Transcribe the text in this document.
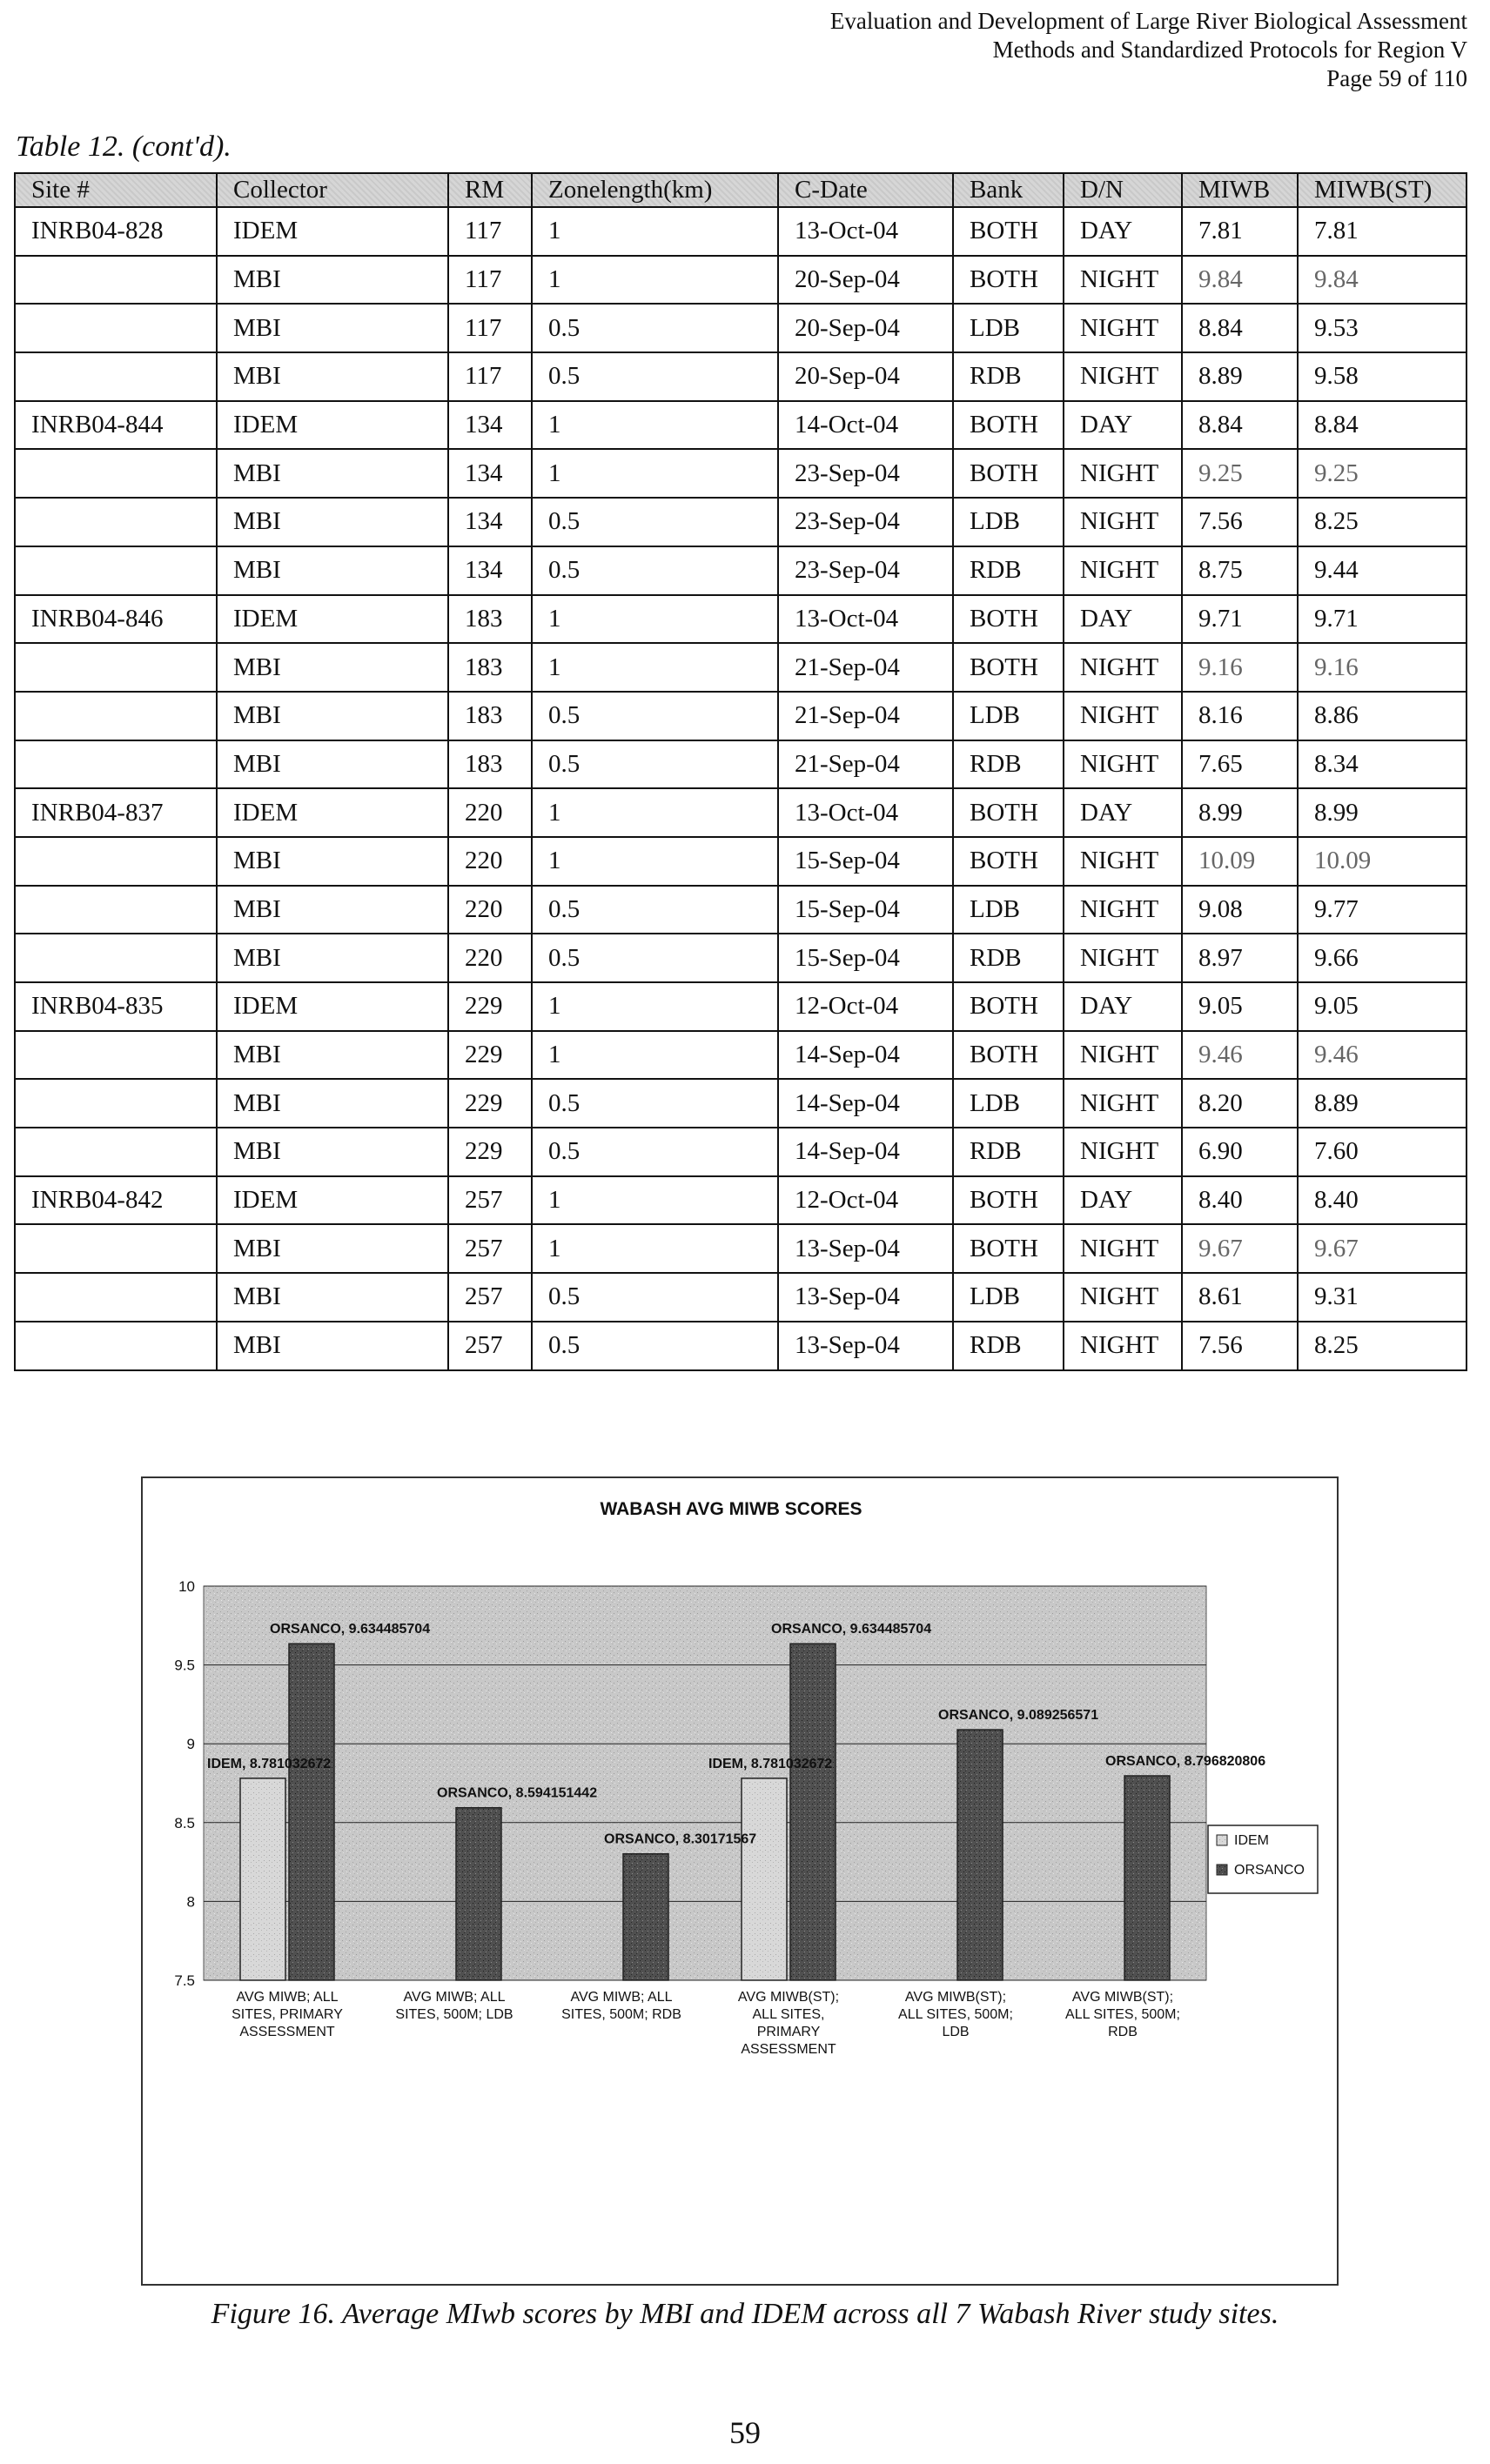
Evaluation and Development of Large River Biological Assessment
Methods and Standardized Protocols for Region V
Page 59 of 110
Table 12. (cont'd).
Site #	Collector	RM	Zonelength(km)	C-Date	Bank	D/N	MIWB	MIWB(ST)
INRB04-828	IDEM	117	1	13-Oct-04	BOTH	DAY	7.81	7.81
	MBI	117	1	20-Sep-04	BOTH	NIGHT	9.84	9.84
	MBI	117	0.5	20-Sep-04	LDB	NIGHT	8.84	9.53
	MBI	117	0.5	20-Sep-04	RDB	NIGHT	8.89	9.58
INRB04-844	IDEM	134	1	14-Oct-04	BOTH	DAY	8.84	8.84
	MBI	134	1	23-Sep-04	BOTH	NIGHT	9.25	9.25
	MBI	134	0.5	23-Sep-04	LDB	NIGHT	7.56	8.25
	MBI	134	0.5	23-Sep-04	RDB	NIGHT	8.75	9.44
INRB04-846	IDEM	183	1	13-Oct-04	BOTH	DAY	9.71	9.71
	MBI	183	1	21-Sep-04	BOTH	NIGHT	9.16	9.16
	MBI	183	0.5	21-Sep-04	LDB	NIGHT	8.16	8.86
	MBI	183	0.5	21-Sep-04	RDB	NIGHT	7.65	8.34
INRB04-837	IDEM	220	1	13-Oct-04	BOTH	DAY	8.99	8.99
	MBI	220	1	15-Sep-04	BOTH	NIGHT	10.09	10.09
	MBI	220	0.5	15-Sep-04	LDB	NIGHT	9.08	9.77
	MBI	220	0.5	15-Sep-04	RDB	NIGHT	8.97	9.66
INRB04-835	IDEM	229	1	12-Oct-04	BOTH	DAY	9.05	9.05
	MBI	229	1	14-Sep-04	BOTH	NIGHT	9.46	9.46
	MBI	229	0.5	14-Sep-04	LDB	NIGHT	8.20	8.89
	MBI	229	0.5	14-Sep-04	RDB	NIGHT	6.90	7.60
INRB04-842	IDEM	257	1	12-Oct-04	BOTH	DAY	8.40	8.40
	MBI	257	1	13-Sep-04	BOTH	NIGHT	9.67	9.67
	MBI	257	0.5	13-Sep-04	LDB	NIGHT	8.61	9.31
	MBI	257	0.5	13-Sep-04	RDB	NIGHT	7.56	8.25
WABASH AVG MIWB SCORES
7.5
8
8.5
9
9.5
10
IDEM, 8.781032672
ORSANCO, 9.634485704
ORSANCO, 8.594151442
ORSANCO, 8.30171567
IDEM, 8.781032672
ORSANCO, 9.634485704
ORSANCO, 9.089256571
ORSANCO, 8.796820806
AVG MIWB; ALL SITES, PRIMARY ASSESSMENT
AVG MIWB; ALL SITES, 500M; LDB
AVG MIWB; ALL SITES, 500M; RDB
AVG MIWB(ST); ALL SITES, PRIMARY ASSESSMENT
AVG MIWB(ST); ALL SITES, 500M; LDB
AVG MIWB(ST); ALL SITES, 500M; RDB
IDEM
ORSANCO
Figure 16. Average MIwb scores by MBI and IDEM across all 7 Wabash River study sites.
59
